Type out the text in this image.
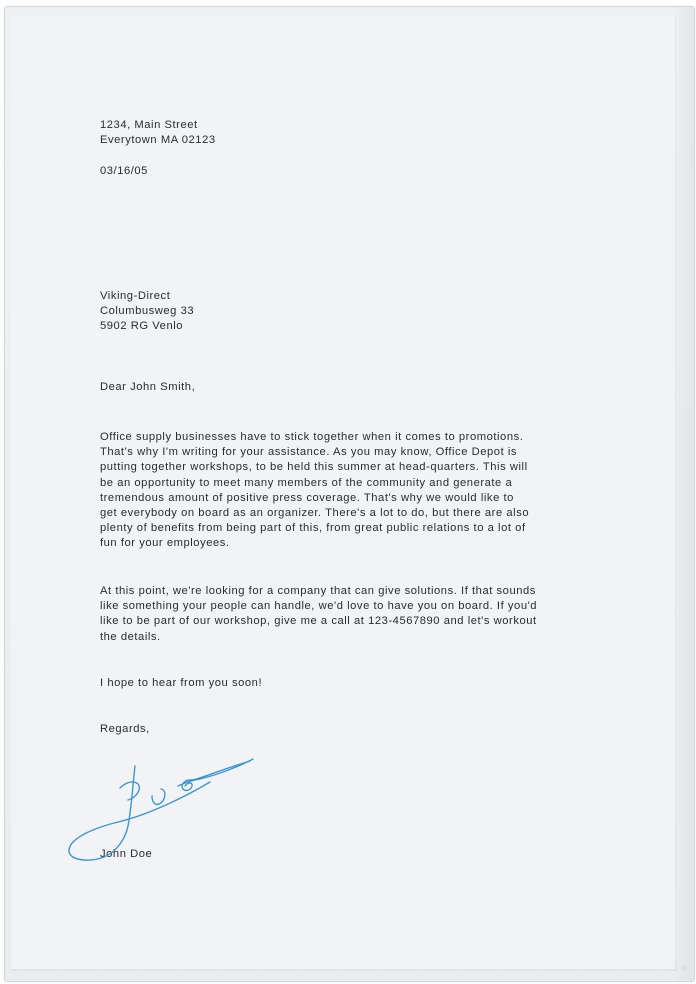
1234, Main Street
Everytown MA 02123
03/16/05
Viking-Direct
Columbusweg 33
5902 RG Venlo
Dear John Smith,
Office supply businesses have to stick together when it comes to promotions.
That's why I'm writing for your assistance. As you may know, Office Depot is
putting together workshops, to be held this summer at head-quarters. This will
be an opportunity to meet many members of the community and generate a
tremendous amount of positive press coverage. That's why we would like to
get everybody on board as an organizer. There's a lot to do, but there are also
plenty of benefits from being part of this, from great public relations to a lot of
fun for your employees.
At this point, we're looking for a company that can give solutions. If that sounds
like something your people can handle, we'd love to have you on board. If you'd
like to be part of our workshop, give me a call at 123-4567890 and let's workout
the details.
I hope to hear from you soon!
Regards,
John Doe
